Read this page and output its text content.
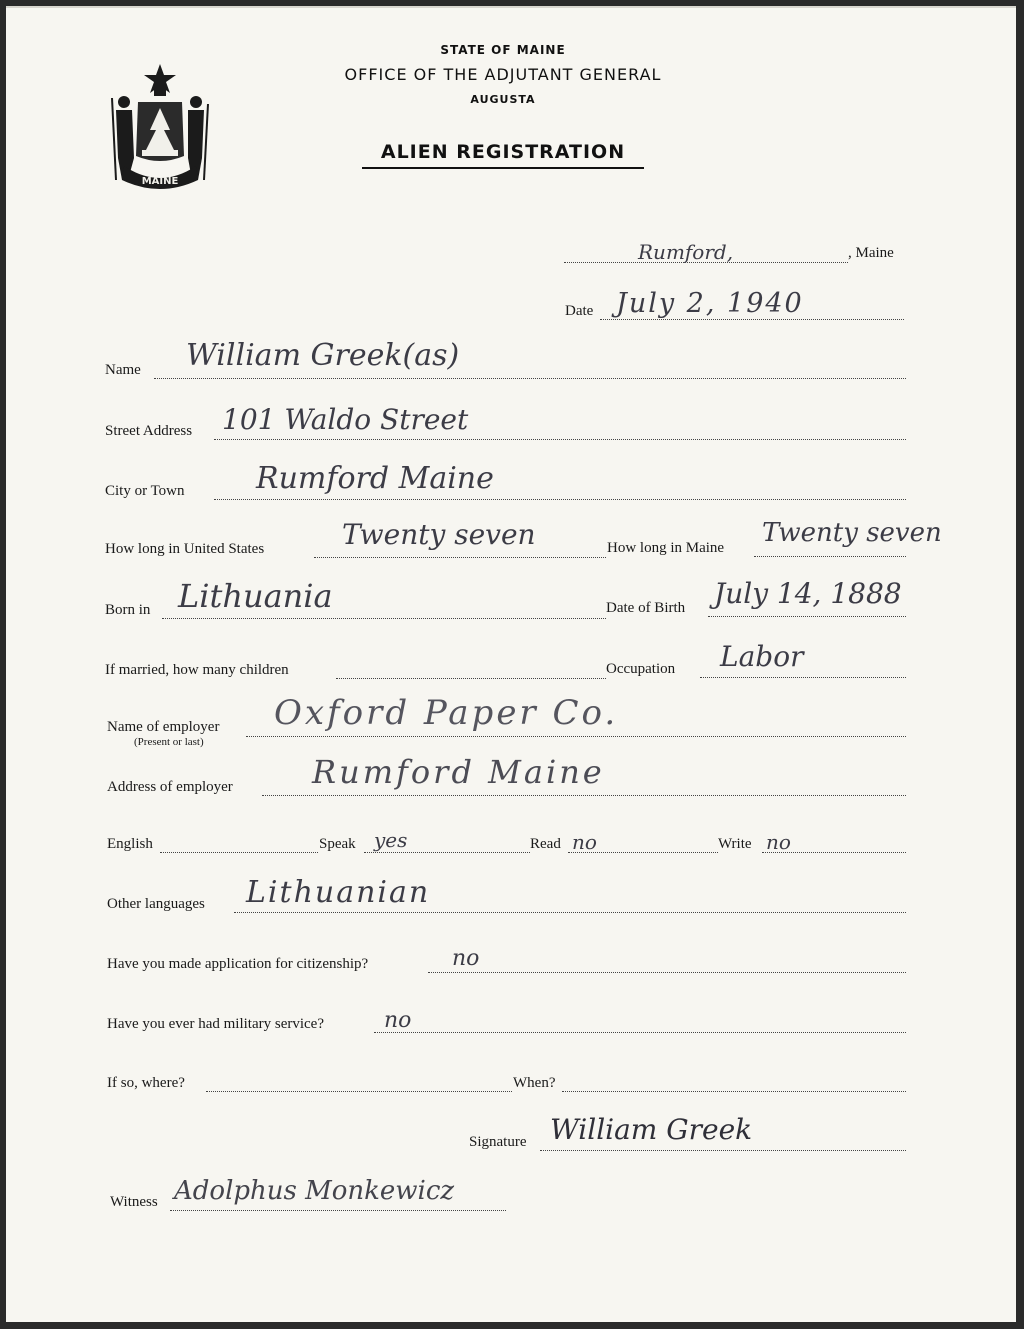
MAINE
STATE OF MAINE
OFFICE OF THE ADJUTANT GENERAL
AUGUSTA
ALIEN REGISTRATION
Rumford,	, Maine
Date July 2, 1940
Name William Greek(as)
Street Address 101 Waldo Street
City or Town Rumford Maine
How long in United States	Twenty seven	How long in Maine Twenty seven
Born in Lithuania	Date of Birth July 14, 1888
If married, how many children	Occupation Labor
Name of employer
(Present or last)
Oxford Paper Co.
Address of employer Rumford Maine
English	Speak yes	Read no	Write no
Other languages Lithuanian
Have you made application for citizenship?	no
Have you ever had military service?	no
If so, where?	When?
Signature William Greek
Witness Adolphus Monkewicz
